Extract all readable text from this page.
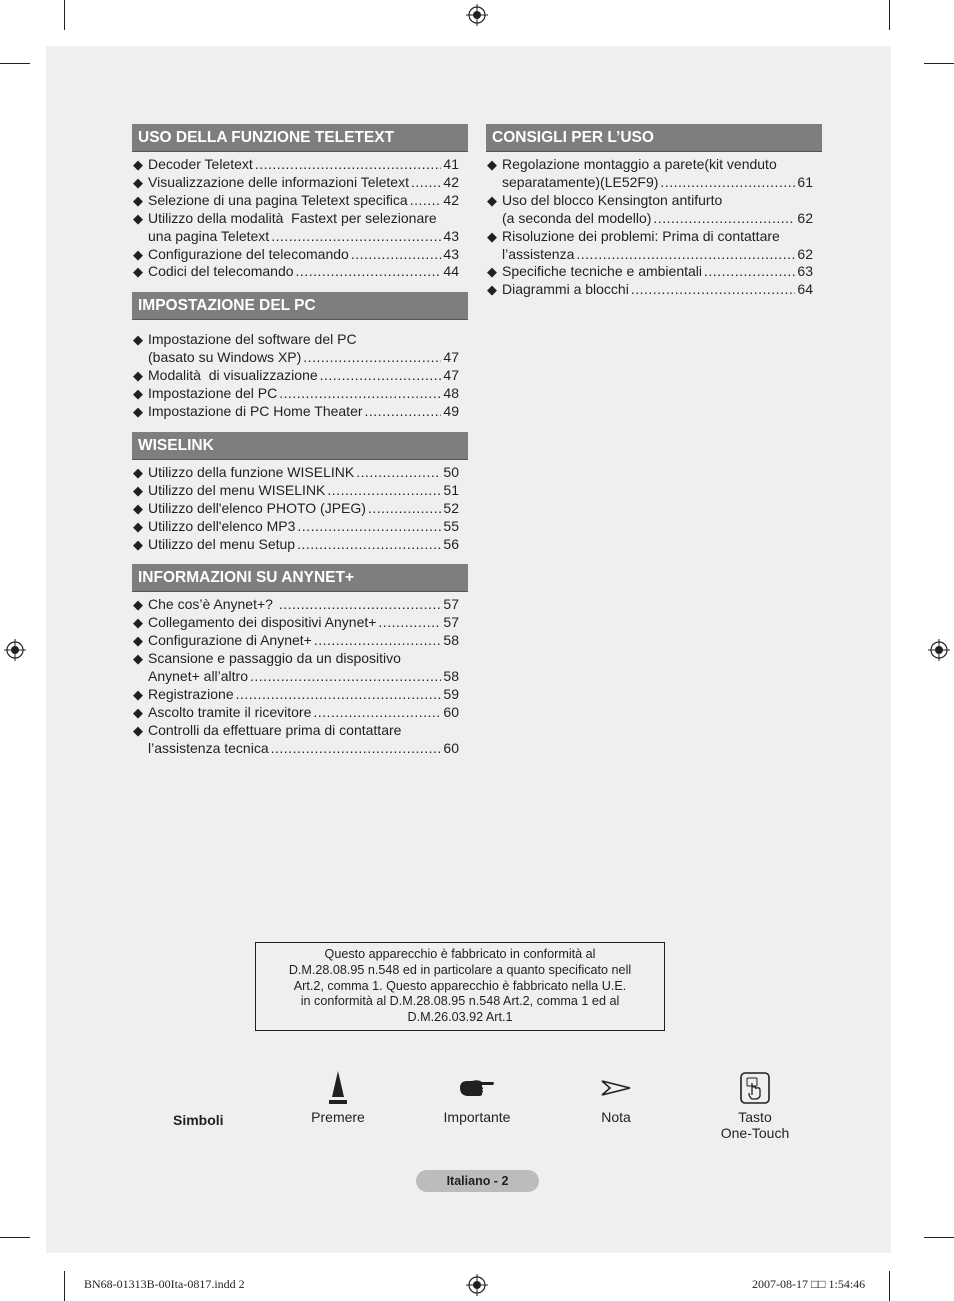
USO DELLA FUNZIONE TELETEXT
◆ Decoder Teletext .....	41
◆ Visualizzazione delle informazioni Teletext ..... 42
◆ Selezione di una pagina Teletext specifica .....	42
◆ Utilizzo della modalità  Fastext per selezionare
una pagina Teletext .....	43
◆ Configurazione del telecomando .....	43
◆ Codici del telecomando .....	44
IMPOSTAZIONE DEL PC
◆ Impostazione del software del PC
(basato su Windows XP) .....	47
◆ Modalità  di visualizzazione .....	47
◆ Impostazione del PC .....	48
◆ Impostazione di PC Home Theater .....	49
WISELINK
◆ Utilizzo della funzione WISELINK .....	50
◆ Utilizzo del menu WISELINK .....	51
◆ Utilizzo dell'elenco PHOTO (JPEG) .....	52
◆ Utilizzo dell'elenco MP3 .....	55
◆ Utilizzo del menu Setup .....	56
INFORMAZIONI SU ANYNET+
◆ Che cos’è Anynet+? .....	57
◆ Collegamento dei dispositivi Anynet+ .....	57
◆ Configurazione di Anynet+ .....	58
◆ Scansione e passaggio da un dispositivo
Anynet+ all’altro .....	58
◆ Registrazione .....	59
◆ Ascolto tramite il ricevitore .....	60
◆ Controlli da effettuare prima di contattare
l’assistenza tecnica .....	60
CONSIGLI PER L’USO
◆ Regolazione montaggio a parete(kit venduto
separatamente)(LE52F9) .....	61
◆ Uso del blocco Kensington antifurto
(a seconda del modello) .....	62
◆ Risoluzione dei problemi: Prima di contattare
l’assistenza .....	62
◆ Specifiche tecniche e ambientali .....	63
◆ Diagrammi a blocchi .....	64
Questo apparecchio è fabbricato in conformità al
D.M.28.08.95 n.548 ed in particolare a quanto specificato nell
Art.2, comma 1. Questo apparecchio è fabbricato nella U.E.
in conformità al D.M.28.08.95 n.548 Art.2, comma 1 ed al
D.M.26.03.92 Art.1
Simboli	Premere	Importante	Nota	Tasto
One-Touch
Italiano - 2
BN68-01313B-00Ita-0817.indd 2	2007-08-17 □□ 1:54:46
